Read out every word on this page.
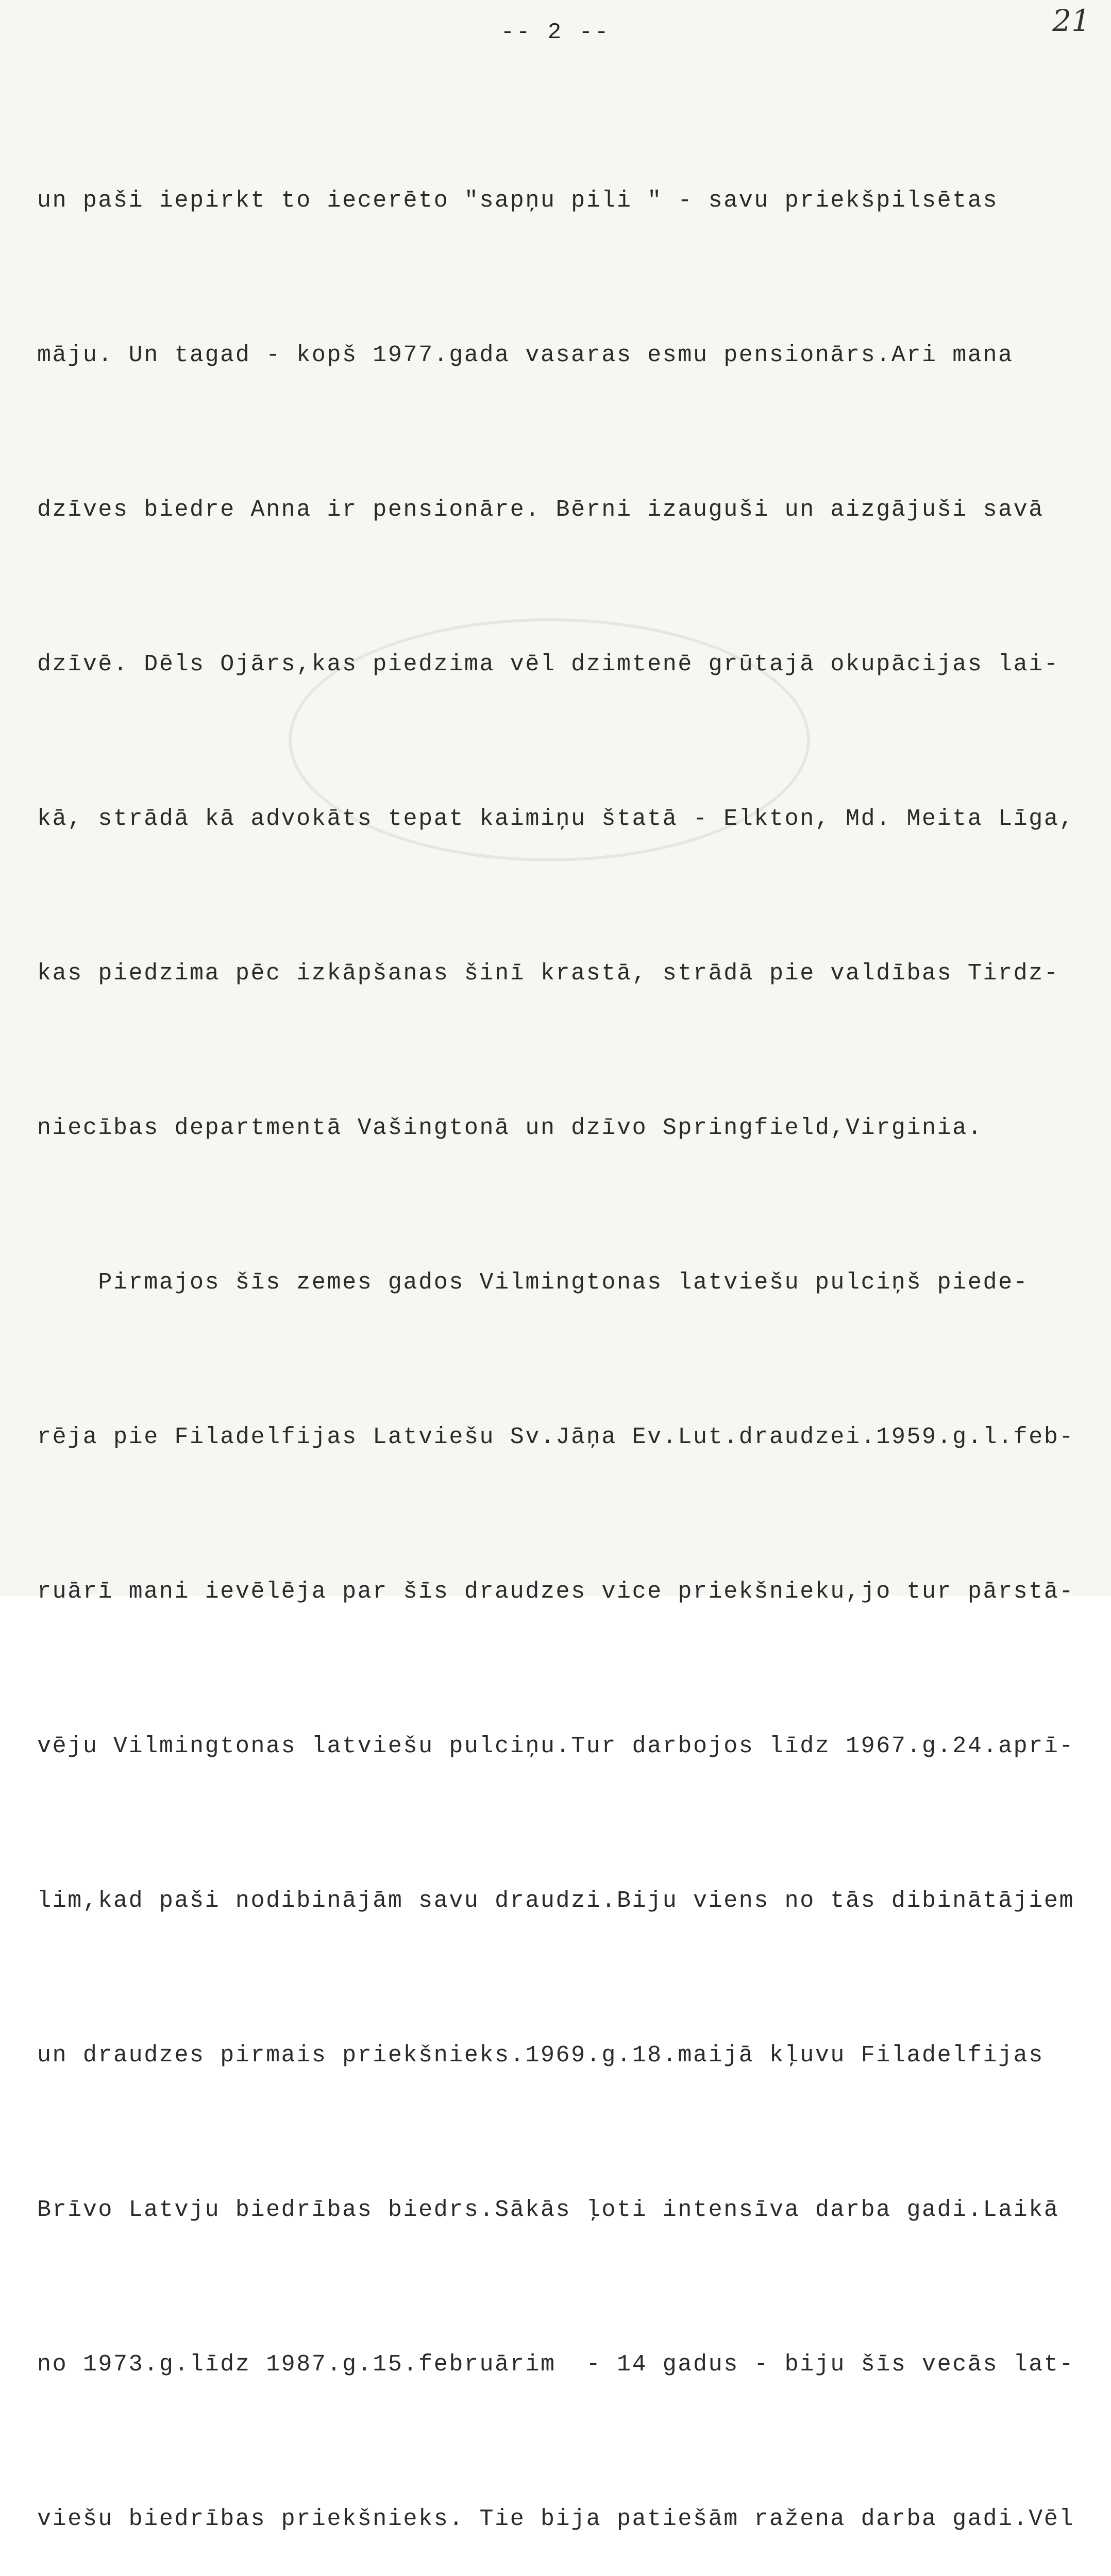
-- 2 --	21

un paši iepirkt to iecerēto "sapņu pili " - savu priekšpilsētas

māju. Un tagad - kopš 1977.gada vasaras esmu pensionārs.Ari mana

dzīves biedre Anna ir pensionāre. Bērni izauguši un aizgājuši savā

dzīvē. Dēls Ojārs,kas piedzima vēl dzimtenē grūtajā okupācijas lai-

kā, strādā kā advokāts tepat kaimiņu štatā - Elkton, Md. Meita Līga,

kas piedzima pēc izkāpšanas šinī krastā, strādā pie valdības Tirdz-

niecības departmentā Vašingtonā un dzīvo Springfield,Virginia.

Pirmajos šīs zemes gados Vilmingtonas latviešu pulciņš piede-

rēja pie Filadelfijas Latviešu Sv.Jāņa Ev.Lut.draudzei.1959.g.l.feb-

ruārī mani ievēlēja par šīs draudzes vice priekšnieku,jo tur pārstā-

vēju Vilmingtonas latviešu pulciņu.Tur darbojos līdz 1967.g.24.aprī-

lim,kad paši nodibinājām savu draudzi.Biju viens no tās dibinātājiem

un draudzes pirmais priekšnieks.1969.g.18.maijā kļuvu Filadelfijas

Brīvo Latvju biedrības biedrs.Sākās ļoti intensīva darba gadi.Laikā

no 1973.g.līdz 1987.g.15.februārim  - 14 gadus - biju šīs vecās lat-

viešu biedrības priekšnieks. Tie bija patiešām ražena darba gadi.Vēl
